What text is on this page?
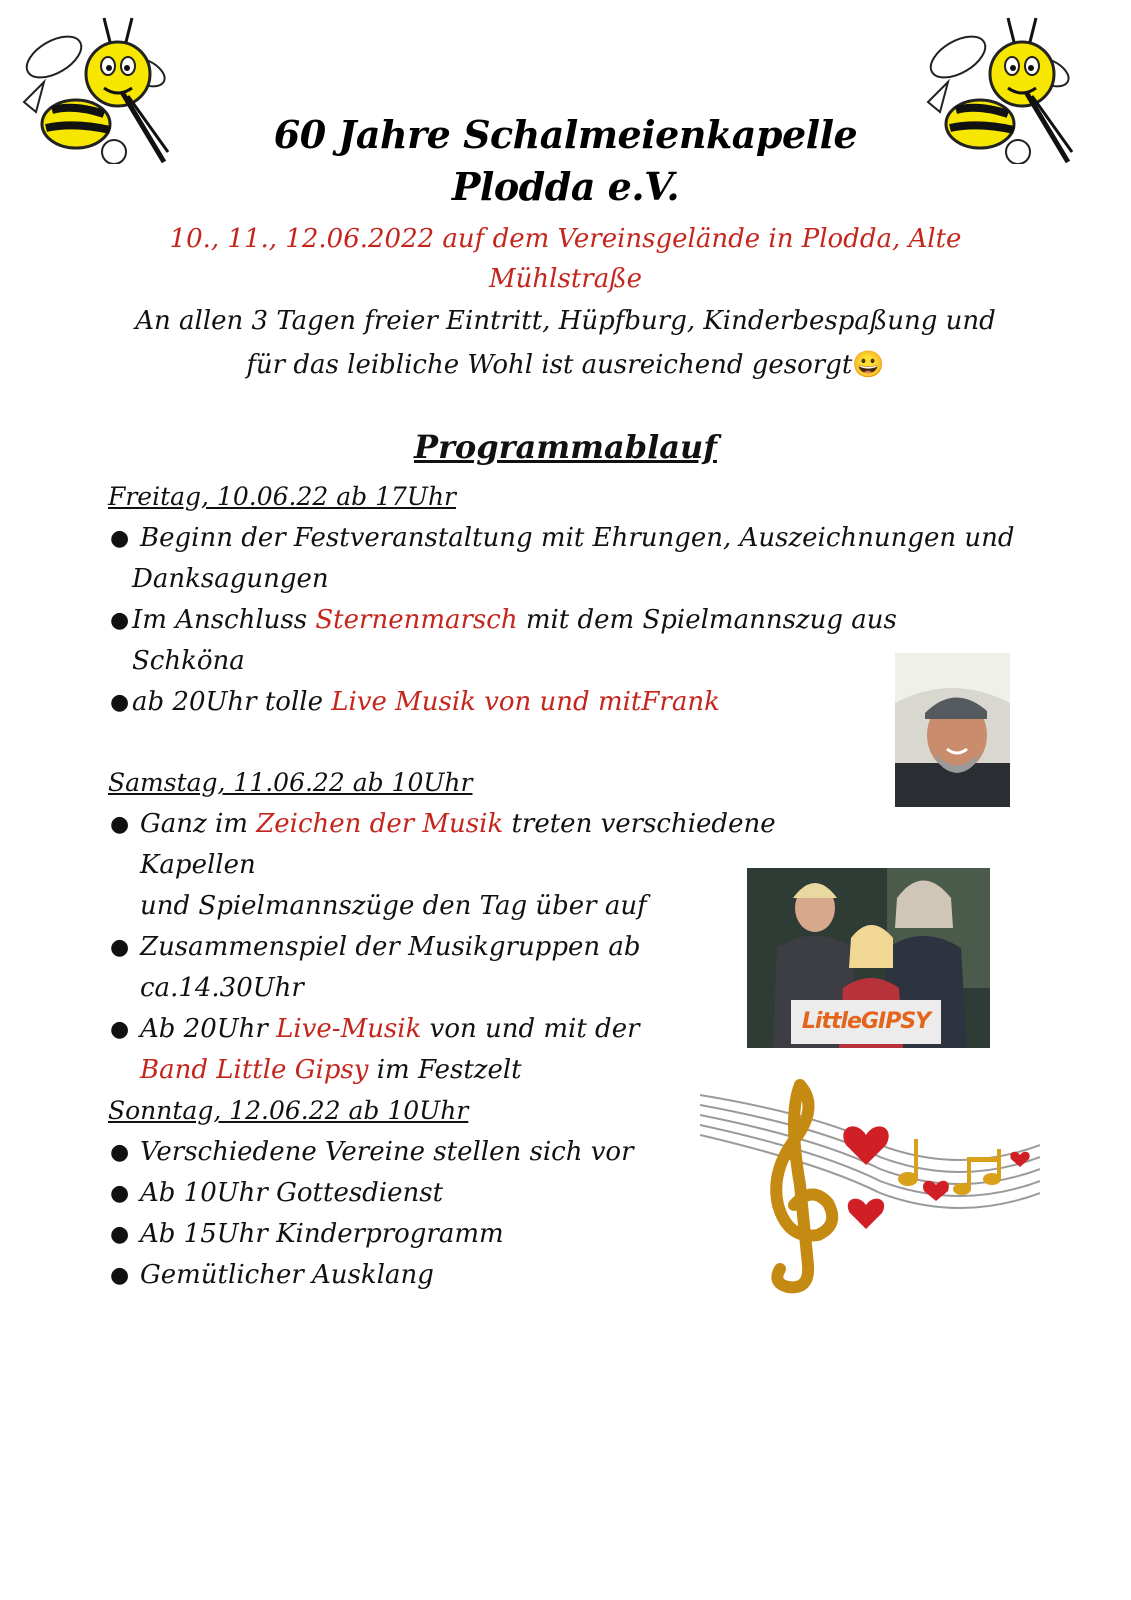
60 Jahre Schalmeienkapelle
Plodda e.V.
10., 11., 12.06.2022 auf dem Vereinsgelände in Plodda, Alte
Mühlstraße
An allen 3 Tagen freier Eintritt, Hüpfburg, Kinderbespaßung und
für das leibliche Wohl ist ausreichend gesorgt😀
Programmablauf
Freitag, 10.06.22 ab 17Uhr
● Beginn der Festveranstaltung mit Ehrungen, Auszeichnungen und
Danksagungen
● Im Anschluss Sternenmarsch mit dem Spielmannszug aus
Schköna
● ab 20Uhr tolle Live Musik von und mitFrank
Samstag, 11.06.22 ab 10Uhr
● Ganz im Zeichen der Musik treten verschiedene Kapellen
und Spielmannszüge den Tag über auf
● Zusammenspiel der Musikgruppen ab
ca.14.30Uhr
● Ab 20Uhr Live-Musik von und mit der
Band Little Gipsy im Festzelt
LittleGIPSY
Sonntag, 12.06.22 ab 10Uhr
● Verschiedene Vereine stellen sich vor
● Ab 10Uhr Gottesdienst
● Ab 15Uhr Kinderprogramm
● Gemütlicher Ausklang
